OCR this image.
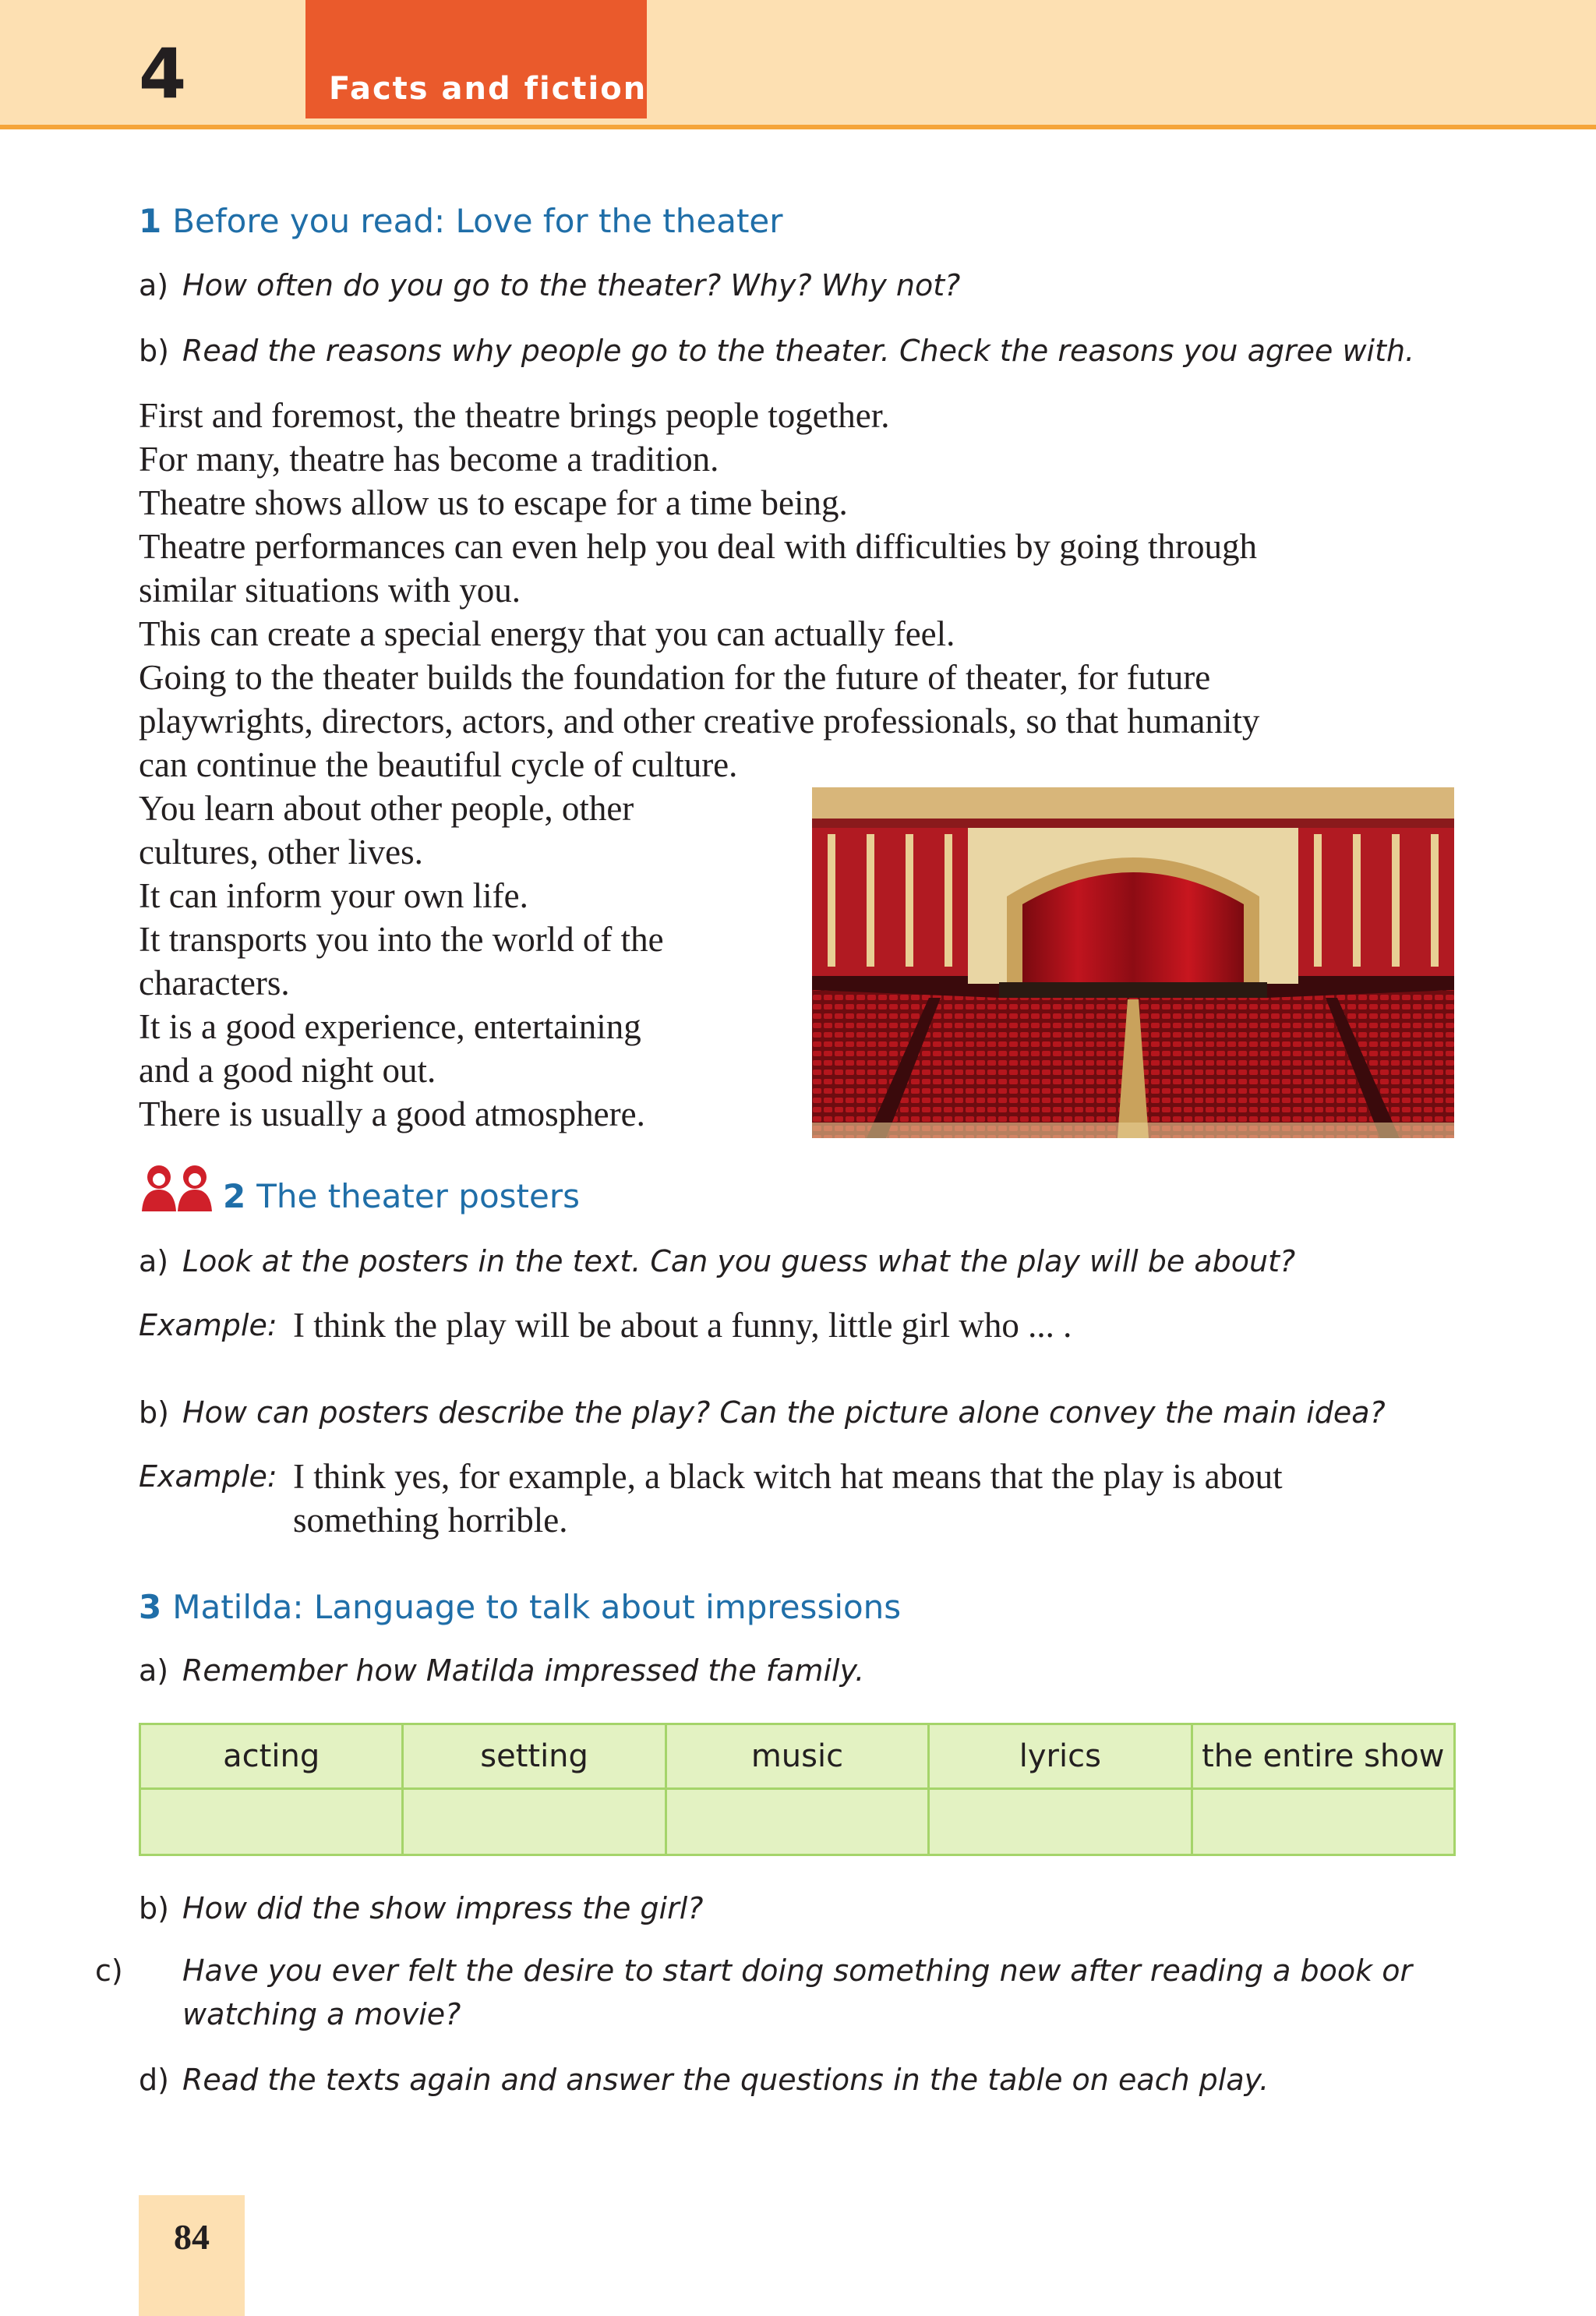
4	Facts and fiction
1 Before you read: Love for the theater
a) How often do you go to the theater? Why? Why not?
b) Read the reasons why people go to the theater. Check the reasons you agree with.
First and foremost, the theatre brings people together.
For many, theatre has become a tradition.
Theatre shows allow us to escape for a time being.
Theatre performances can even help you deal with difficulties by going through
similar situations with you.
This can create a special energy that you can actually feel.
Going to the theater builds the foundation for the future of theater, for future
playwrights, directors, actors, and other creative professionals, so that humanity
can continue the beautiful cycle of culture.
You learn about other people, other
cultures, other lives.
It can inform your own life.
It transports you into the world of the
characters.
It is a good experience, entertaining
and a good night out.
There is usually a good atmosphere.
2 The theater posters
a) Look at the posters in the text. Can you guess what the play will be about?
Example: I think the play will be about a funny, little girl who ... .
b) How can posters describe the play? Can the picture alone convey the main idea?
Example: I think yes, for example, a black witch hat means that the play is about something horrible.
3 Matilda: Language to talk about impressions
a) Remember how Matilda impressed the family.
acting	setting	music	lyrics	the entire show

b) How did the show impress the girl?
c) Have you ever felt the desire to start doing something new after reading a book or watching a movie?
d) Read the texts again and answer the questions in the table on each play.
84
